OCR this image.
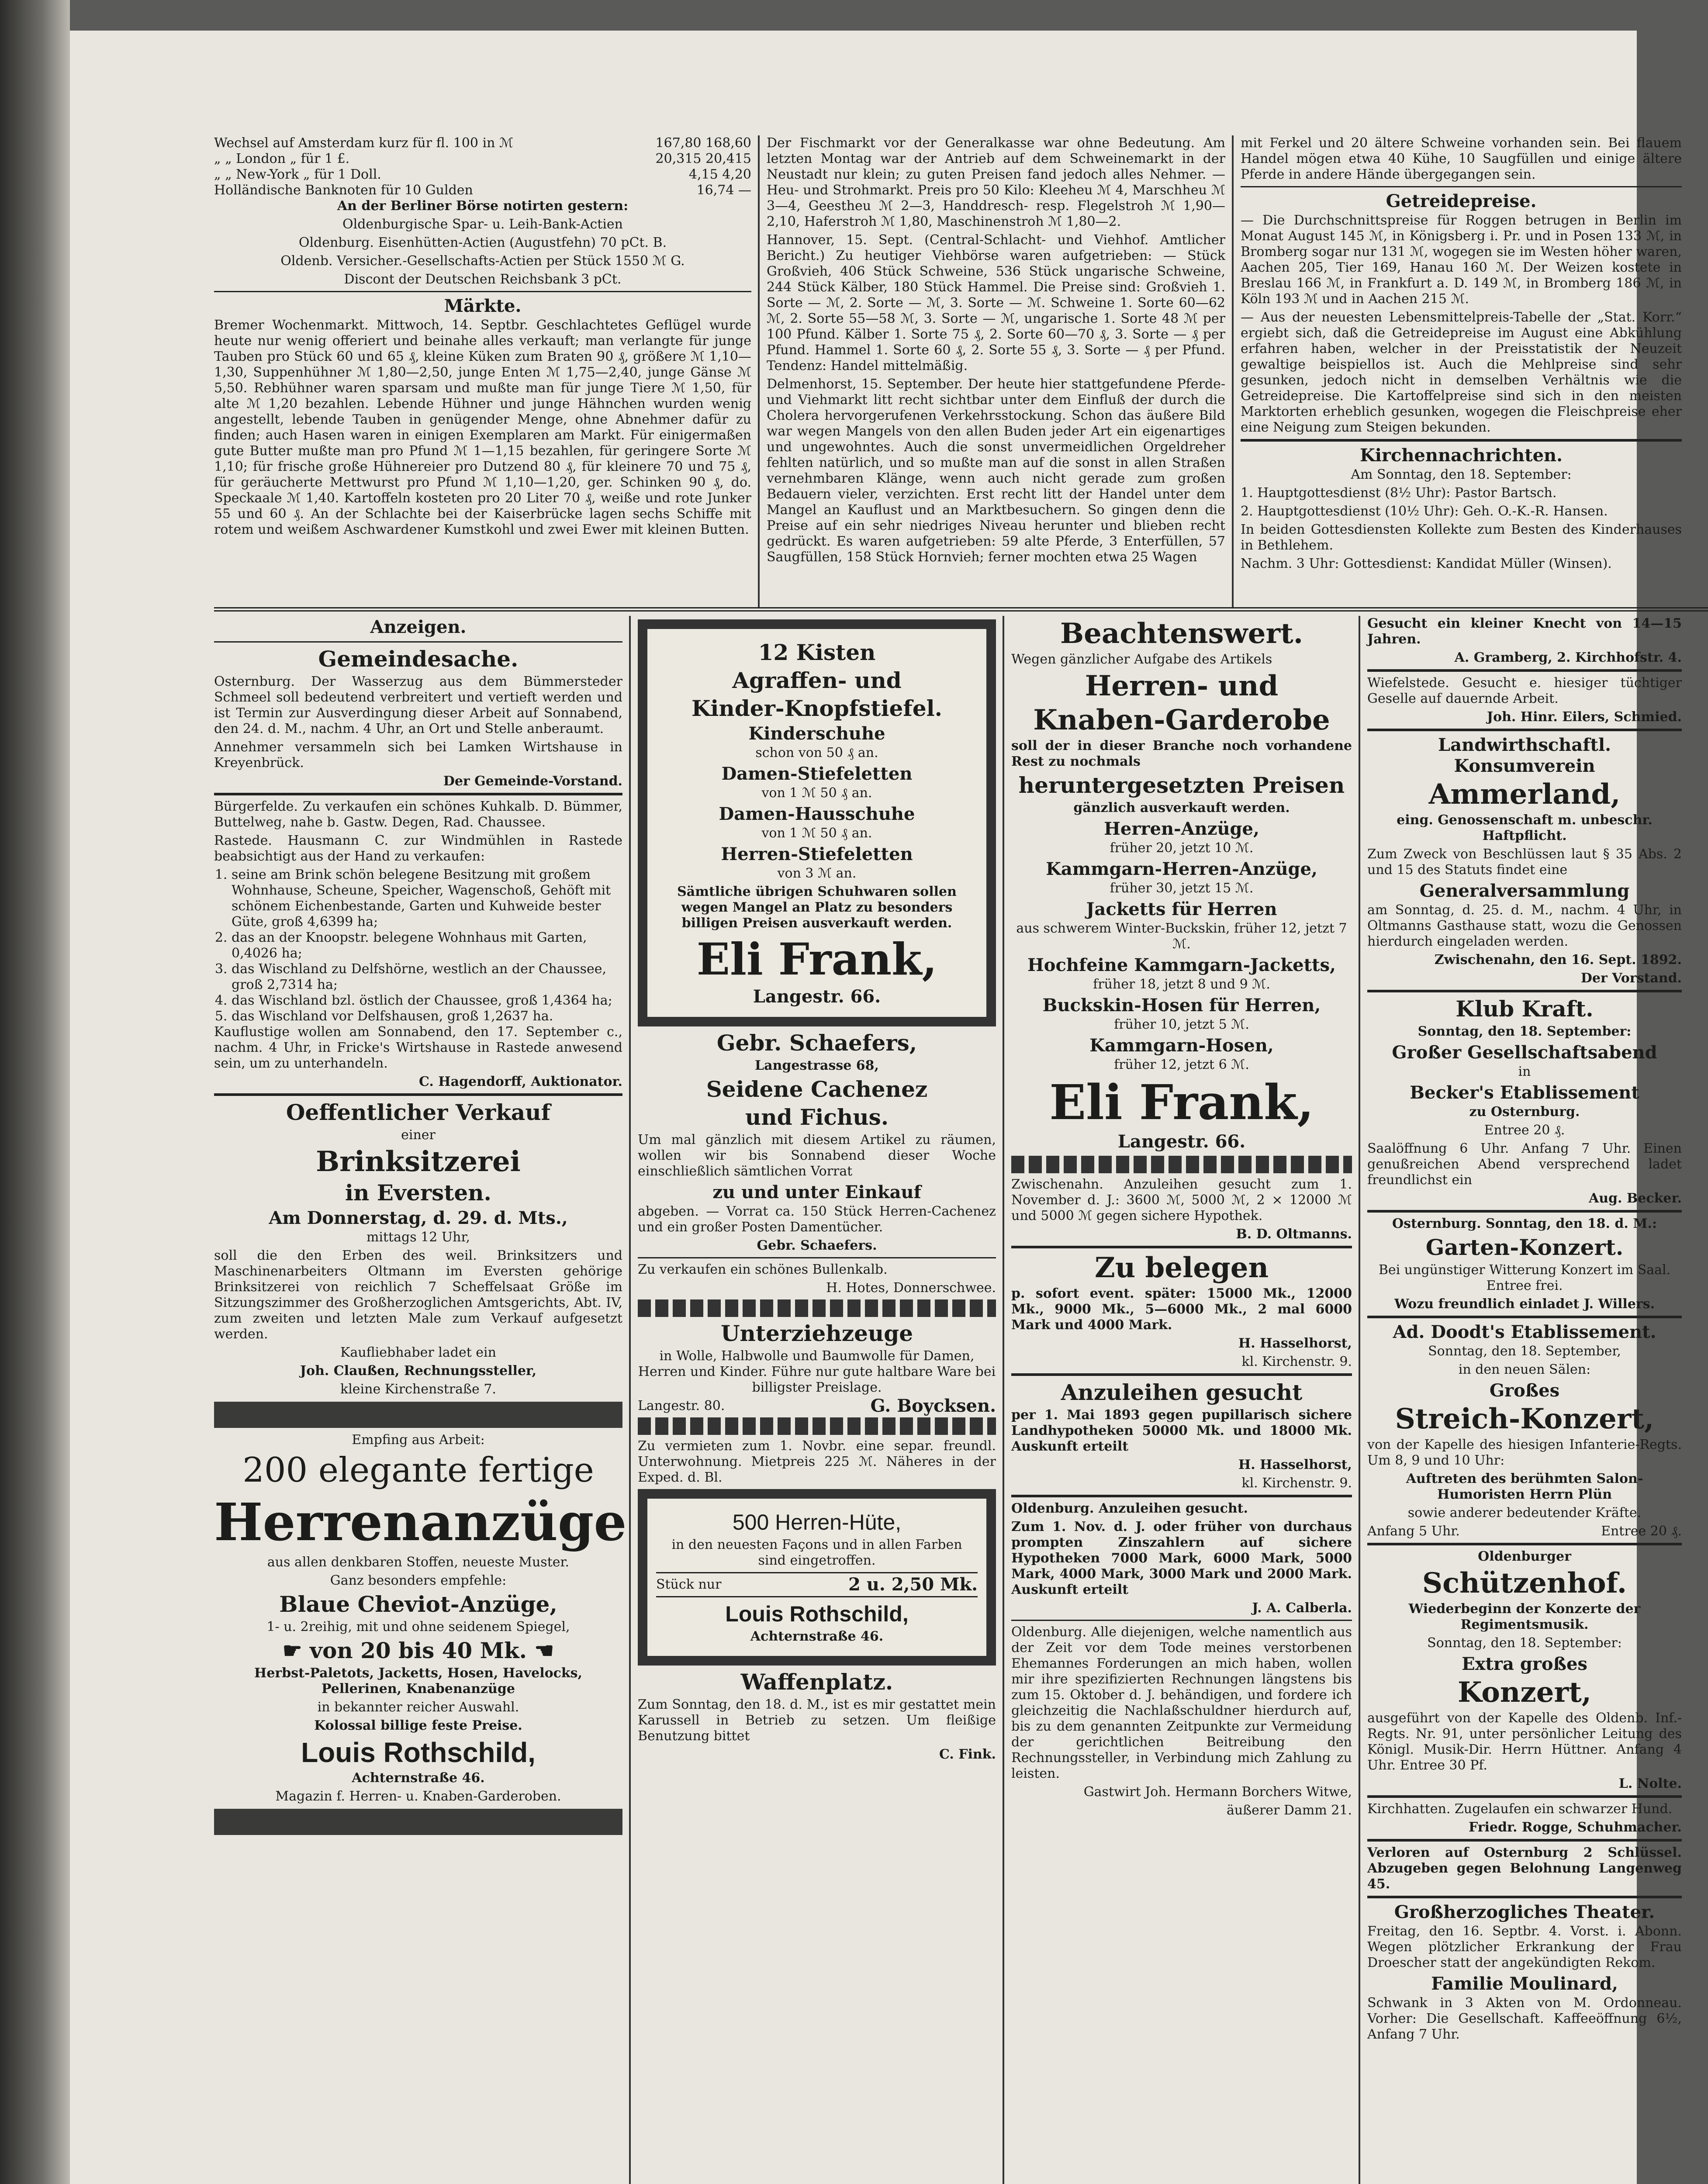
Wechsel auf Amsterdam kurz für fl. 100 in ℳ	167,80 168,60
„ „ London „ für 1 £.	20,315 20,415
„ „ New-York „ für 1 Doll.	4,15 4,20
Holländische Banknoten für 10 Gulden	16,74 —

An der Berliner Börse notirten gestern:

Oldenburgische Spar- u. Leih-Bank-Actien

Oldenburg. Eisenhütten-Actien (Augustfehn) 70 pCt. B.

Oldenb. Versicher.-Gesellschafts-Actien per Stück 1550 ℳ G.

Discont der Deutschen Reichsbank 3 pCt.

Märkte.

Bremer Wochenmarkt. Mittwoch, 14. Septbr. Geschlachtetes Geflügel wurde heute nur wenig offeriert und beinahe alles verkauft; man verlangte für junge Tauben pro Stück 60 und 65 ₰, kleine Küken zum Braten 90 ₰, größere ℳ 1,10—1,30, Suppenhühner ℳ 1,80—2,50, junge Enten ℳ 1,75—2,40, junge Gänse ℳ 5,50. Rebhühner waren sparsam und mußte man für junge Tiere ℳ 1,50, für alte ℳ 1,20 bezahlen. Lebende Hühner und junge Hähnchen wurden wenig angestellt, lebende Tauben in genügender Menge, ohne Abnehmer dafür zu finden; auch Hasen waren in einigen Exemplaren am Markt. Für einigermaßen gute Butter mußte man pro Pfund ℳ 1—1,15 bezahlen, für geringere Sorte ℳ 1,10; für frische große Hühnereier pro Dutzend 80 ₰, für kleinere 70 und 75 ₰, für geräucherte Mettwurst pro Pfund ℳ 1,10—1,20, ger. Schinken 90 ₰, do. Speckaale ℳ 1,40. Kartoffeln kosteten pro 20 Liter 70 ₰, weiße und rote Junker 55 und 60 ₰. An der Schlachte bei der Kaiserbrücke lagen sechs Schiffe mit rotem und weißem Aschwardener Kumstkohl und zwei Ewer mit kleinen Butten.

Der Fischmarkt vor der Generalkasse war ohne Bedeutung. Am letzten Montag war der Antrieb auf dem Schweinemarkt in der Neustadt nur klein; zu guten Preisen fand jedoch alles Nehmer. — Heu- und Strohmarkt. Preis pro 50 Kilo: Kleeheu ℳ 4, Marschheu ℳ 3—4, Geestheu ℳ 2—3, Handdresch- resp. Flegelstroh ℳ 1,90—2,10, Haferstroh ℳ 1,80, Maschinenstroh ℳ 1,80—2.

Hannover, 15. Sept. (Central-Schlacht- und Viehhof. Amtlicher Bericht.) Zu heutiger Viehbörse waren aufgetrieben: — Stück Großvieh, 406 Stück Schweine, 536 Stück ungarische Schweine, 244 Stück Kälber, 180 Stück Hammel. Die Preise sind: Großvieh 1. Sorte — ℳ, 2. Sorte — ℳ, 3. Sorte — ℳ. Schweine 1. Sorte 60—62 ℳ, 2. Sorte 55—58 ℳ, 3. Sorte — ℳ, ungarische 1. Sorte 48 ℳ per 100 Pfund. Kälber 1. Sorte 75 ₰, 2. Sorte 60—70 ₰, 3. Sorte — ₰ per Pfund. Hammel 1. Sorte 60 ₰, 2. Sorte 55 ₰, 3. Sorte — ₰ per Pfund. Tendenz: Handel mittelmäßig.

Delmenhorst, 15. September. Der heute hier stattgefundene Pferde- und Viehmarkt litt recht sichtbar unter dem Einfluß der durch die Cholera hervorgerufenen Verkehrsstockung. Schon das äußere Bild war wegen Mangels von den allen Buden jeder Art ein eigenartiges und ungewohntes. Auch die sonst unvermeidlichen Orgeldreher fehlten natürlich, und so mußte man auf die sonst in allen Straßen vernehmbaren Klänge, wenn auch nicht gerade zum großen Bedauern vieler, verzichten. Erst recht litt der Handel unter dem Mangel an Kauflust und an Marktbesuchern. So gingen denn die Preise auf ein sehr niedriges Niveau herunter und blieben recht gedrückt. Es waren aufgetrieben: 59 alte Pferde, 3 Enterfüllen, 57 Saugfüllen, 158 Stück Hornvieh; ferner mochten etwa 25 Wagen

mit Ferkel und 20 ältere Schweine vorhanden sein. Bei flauem Handel mögen etwa 40 Kühe, 10 Saugfüllen und einige ältere Pferde in andere Hände übergegangen sein.

Getreidepreise.

— Die Durchschnittspreise für Roggen betrugen in Berlin im Monat August 145 ℳ, in Königsberg i. Pr. und in Posen 133 ℳ, in Bromberg sogar nur 131 ℳ, wogegen sie im Westen höher waren, Aachen 205, Tier 169, Hanau 160 ℳ. Der Weizen kostete in Breslau 166 ℳ, in Frankfurt a. D. 149 ℳ, in Bromberg 186 ℳ, in Köln 193 ℳ und in Aachen 215 ℳ.

— Aus der neuesten Lebensmittelpreis-Tabelle der „Stat. Korr.“ ergiebt sich, daß die Getreidepreise im August eine Abkühlung erfahren haben, welcher in der Preisstatistik der Neuzeit gewaltige beispiellos ist. Auch die Mehlpreise sind sehr gesunken, jedoch nicht in demselben Verhältnis wie die Getreidepreise. Die Kartoffelpreise sind sich in den meisten Marktorten erheblich gesunken, wogegen die Fleischpreise eher eine Neigung zum Steigen bekunden.

Kirchennachrichten.

Am Sonntag, den 18. September:

1. Hauptgottesdienst (8½ Uhr): Pastor Bartsch.

2. Hauptgottesdienst (10½ Uhr): Geh. O.-K.-R. Hansen.

In beiden Gottesdiensten Kollekte zum Besten des Kinderhauses in Bethlehem.

Nachm. 3 Uhr: Gottesdienst: Kandidat Müller (Winsen).

Anzeigen.
Gemeindesache.

Osternburg. Der Wasserzug aus dem Bümmersteder Schmeel soll bedeutend verbreitert und vertieft werden und ist Termin zur Ausverdingung dieser Arbeit auf Sonnabend, den 24. d. M., nachm. 4 Uhr, an Ort und Stelle anberaumt.

Annehmer versammeln sich bei Lamken Wirtshause in Kreyenbrück.

Der Gemeinde-Vorstand.

Bürgerfelde. Zu verkaufen ein schönes Kuhkalb. D. Bümmer, Buttelweg, nahe b. Gastw. Degen, Rad. Chaussee.

Rastede. Hausmann C. zur Windmühlen in Rastede beabsichtigt aus der Hand zu verkaufen:

1. seine am Brink schön belegene Besitzung mit großem Wohnhause, Scheune, Speicher, Wagenschoß, Gehöft mit schönem Eichenbestande, Garten und Kuhweide bester Güte, groß 4,6399 ha;
2. das an der Knoopstr. belegene Wohnhaus mit Garten, 0,4026 ha;
3. das Wischland zu Delfshörne, westlich an der Chaussee, groß 2,7314 ha;
4. das Wischland bzl. östlich der Chaussee, groß 1,4364 ha;
5. das Wischland vor Delfshausen, groß 1,2637 ha.

Kauflustige wollen am Sonnabend, den 17. September c., nachm. 4 Uhr, in Fricke's Wirtshause in Rastede anwesend sein, um zu unterhandeln.

C. Hagendorff, Auktionator.

Oeffentlicher Verkauf

einer

Brinksitzerei
in Eversten.
Am Donnerstag, d. 29. d. Mts.,

mittags 12 Uhr,

soll die den Erben des weil. Brinksitzers und Maschinenarbeiters Oltmann im Eversten gehörige Brinksitzerei von reichlich 7 Scheffelsaat Größe im Sitzungszimmer des Großherzoglichen Amtsgerichts, Abt. IV, zum zweiten und letzten Male zum Verkauf aufgesetzt werden.

Kaufliebhaber ladet ein

Joh. Claußen, Rechnungssteller,

kleine Kirchenstraße 7.

Empfing aus Arbeit:

200 elegante fertige
Herrenanzüge

aus allen denkbaren Stoffen, neueste Muster.

Ganz besonders empfehle:

Blaue Cheviot-Anzüge,

1- u. 2reihig, mit und ohne seidenem Spiegel,

☛ von 20 bis 40 Mk. ☚

Herbst-Paletots, Jacketts, Hosen, Havelocks, Pellerinen, Knabenanzüge

in bekannter reicher Auswahl.

Kolossal billige feste Preise.

Louis Rothschild,

Achternstraße 46.

Magazin f. Herren- u. Knaben-Garderoben.

12 Kisten
Agraffen- und
Kinder-Knopfstiefel.
Kinderschuhe

schon von 50 ₰ an.

Damen-Stiefeletten

von 1 ℳ 50 ₰ an.

Damen-Hausschuhe

von 1 ℳ 50 ₰ an.

Herren-Stiefeletten

von 3 ℳ an.

Sämtliche übrigen Schuhwaren sollen wegen Mangel an Platz zu besonders billigen Preisen ausverkauft werden.

Eli Frank,
Langestr. 66.
Gebr. Schaefers,

Langestrasse 68,

Seidene Cachenez
und Fichus.

Um mal gänzlich mit diesem Artikel zu räumen, wollen wir bis Sonnabend dieser Woche einschließlich sämtlichen Vorrat

zu und unter Einkauf

abgeben. — Vorrat ca. 150 Stück Herren-Cachenez und ein großer Posten Damentücher.

Gebr. Schaefers.

Zu verkaufen ein schönes Bullenkalb.

H. Hotes, Donnerschwee.

Unterziehzeuge

in Wolle, Halbwolle und Baumwolle für Damen, Herren und Kinder. Führe nur gute haltbare Ware bei billigster Preislage.

Langestr. 80.	G. Boycksen.

Zu vermieten zum 1. Novbr. eine separ. freundl. Unterwohnung. Mietpreis 225 ℳ. Näheres in der Exped. d. Bl.

500 Herren-Hüte,

in den neuesten Façons und in allen Farben sind eingetroffen.

Stück nur	2 u. 2,50 Mk.
Louis Rothschild,

Achternstraße 46.

Waffenplatz.

Zum Sonntag, den 18. d. M., ist es mir gestattet mein Karussell in Betrieb zu setzen. Um fleißige Benutzung bittet

C. Fink.

Beachtenswert.

Wegen gänzlicher Aufgabe des Artikels

Herren- und
Knaben-Garderobe

soll der in dieser Branche noch vorhandene Rest zu nochmals

heruntergesetzten Preisen

gänzlich ausverkauft werden.

Herren-Anzüge,

früher 20, jetzt 10 ℳ.

Kammgarn-Herren-Anzüge,

früher 30, jetzt 15 ℳ.

Jacketts für Herren

aus schwerem Winter-Buckskin, früher 12, jetzt 7 ℳ.

Hochfeine Kammgarn-Jacketts,

früher 18, jetzt 8 und 9 ℳ.

Buckskin-Hosen für Herren,

früher 10, jetzt 5 ℳ.

Kammgarn-Hosen,

früher 12, jetzt 6 ℳ.

Eli Frank,
Langestr. 66.

Zwischenahn. Anzuleihen gesucht zum 1. November d. J.: 3600 ℳ, 5000 ℳ, 2 × 12000 ℳ und 5000 ℳ gegen sichere Hypothek.

B. D. Oltmanns.

Zu belegen

p. sofort event. später: 15000 Mk., 12000 Mk., 9000 Mk., 5—6000 Mk., 2 mal 6000 Mark und 4000 Mark.

H. Hasselhorst,

kl. Kirchenstr. 9.

Anzuleihen gesucht

per 1. Mai 1893 gegen pupillarisch sichere Landhypotheken 50000 Mk. und 18000 Mk. Auskunft erteilt

H. Hasselhorst,

kl. Kirchenstr. 9.

Oldenburg. Anzuleihen gesucht.

Zum 1. Nov. d. J. oder früher von durchaus prompten Zinszahlern auf sichere Hypotheken 7000 Mark, 6000 Mark, 5000 Mark, 4000 Mark, 3000 Mark und 2000 Mark. Auskunft erteilt

J. A. Calberla.

Oldenburg. Alle diejenigen, welche namentlich aus der Zeit vor dem Tode meines verstorbenen Ehemannes Forderungen an mich haben, wollen mir ihre spezifizierten Rechnungen längstens bis zum 15. Oktober d. J. behändigen, und fordere ich gleichzeitig die Nachlaßschuldner hierdurch auf, bis zu dem genannten Zeitpunkte zur Vermeidung der gerichtlichen Beitreibung den Rechnungssteller, in Verbindung mich Zahlung zu leisten.

Gastwirt Joh. Hermann Borchers Witwe,

äußerer Damm 21.

Gesucht ein kleiner Knecht von 14—15 Jahren.

A. Gramberg, 2. Kirchhofstr. 4.

Wiefelstede. Gesucht e. hiesiger tüchtiger Geselle auf dauernde Arbeit.

Joh. Hinr. Eilers, Schmied.

Landwirthschaftl. Konsumverein
Ammerland,

eing. Genossenschaft m. unbeschr. Haftpflicht.

Zum Zweck von Beschlüssen laut § 35 Abs. 2 und 15 des Statuts findet eine

Generalversammlung

am Sonntag, d. 25. d. M., nachm. 4 Uhr, in Oltmanns Gasthause statt, wozu die Genossen hierdurch eingeladen werden.

Zwischenahn, den 16. Sept. 1892.

Der Vorstand.

Klub Kraft.

Sonntag, den 18. September:

Großer Gesellschaftsabend

in

Becker's Etablissement

zu Osternburg.

Entree 20 ₰.

Saalöffnung 6 Uhr. Anfang 7 Uhr. Einen genußreichen Abend versprechend ladet freundlichst ein

Aug. Becker.

Osternburg. Sonntag, den 18. d. M.:

Garten-Konzert.

Bei ungünstiger Witterung Konzert im Saal. Entree frei.

Wozu freundlich einladet J. Willers.

Ad. Doodt's Etablissement.

Sonntag, den 18. September,

in den neuen Sälen:

Großes
Streich-Konzert,

von der Kapelle des hiesigen Infanterie-Regts. Um 8, 9 und 10 Uhr:

Auftreten des berühmten Salon-Humoristen Herrn Plün

sowie anderer bedeutender Kräfte.

Anfang 5 Uhr.	Entree 20 ₰.

Oldenburger

Schützenhof.

Wiederbeginn der Konzerte der Regimentsmusik.

Sonntag, den 18. September:

Extra großes
Konzert,

ausgeführt von der Kapelle des Oldenb. Inf.-Regts. Nr. 91, unter persönlicher Leitung des Königl. Musik-Dir. Herrn Hüttner. Anfang 4 Uhr. Entree 30 Pf.

L. Nolte.

Kirchhatten. Zugelaufen ein schwarzer Hund.

Friedr. Rogge, Schuhmacher.

Verloren auf Osternburg 2 Schlüssel. Abzugeben gegen Belohnung Langenweg 45.

Großherzogliches Theater.

Freitag, den 16. Septbr. 4. Vorst. i. Abonn. Wegen plötzlicher Erkrankung der Frau Droescher statt der angekündigten Rekom.

Familie Moulinard,

Schwank in 3 Akten von M. Ordonneau. Vorher: Die Gesellschaft. Kaffeeöffnung 6½, Anfang 7 Uhr.
